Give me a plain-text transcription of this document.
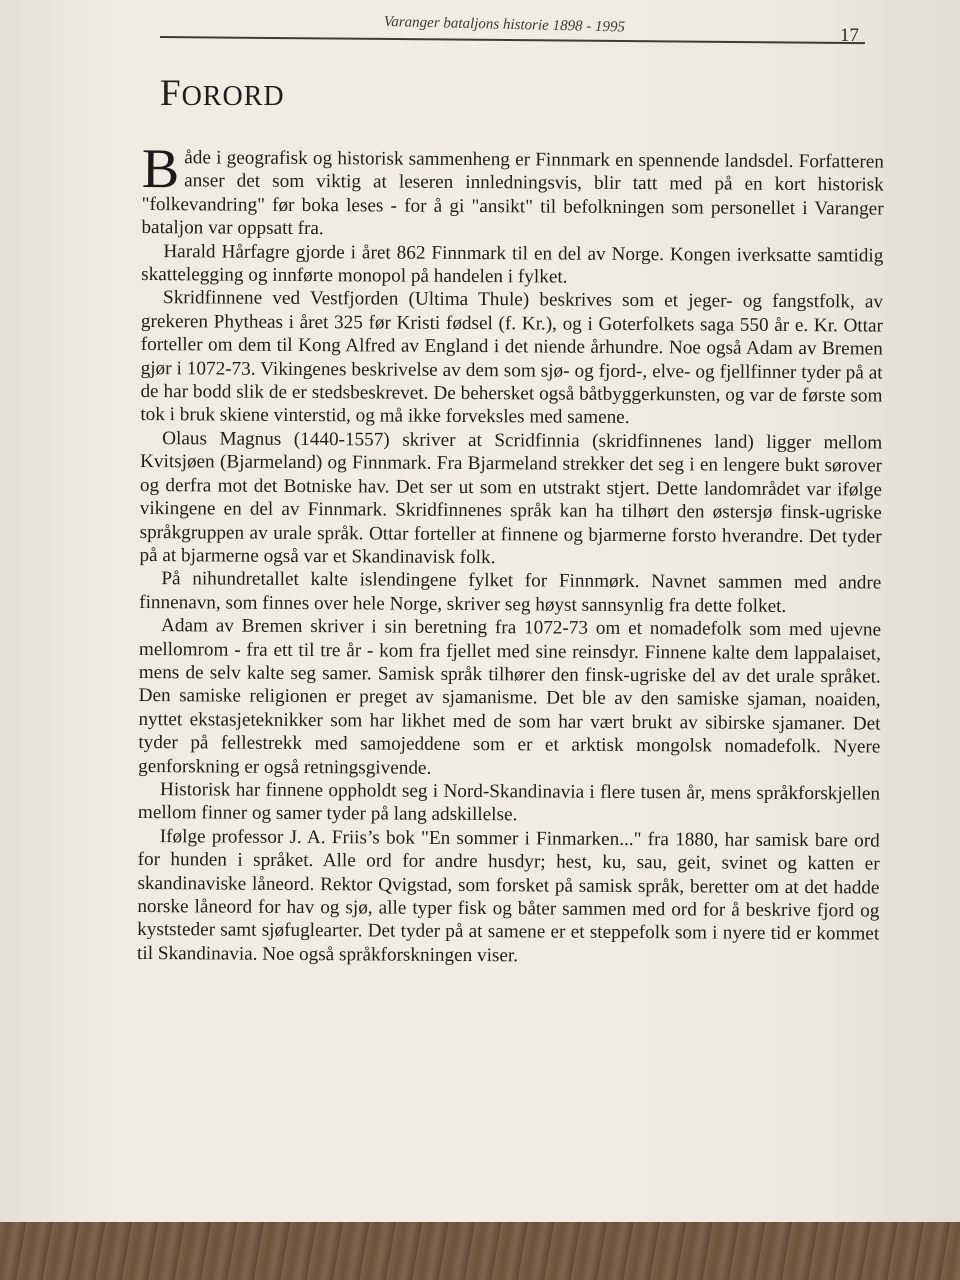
Varanger bataljons historie 1898 - 1995
17
FORORD

Både i geografisk og historisk sammenheng er Finnmark en spennende landsdel. Forfatteren anser det som viktig at leseren innledningsvis, blir tatt med på en kort historisk "folkevandring" før boka leses - for å gi "ansikt" til befolkningen som personellet i Varanger bataljon var oppsatt fra.

Harald Hårfagre gjorde i året 862 Finnmark til en del av Norge. Kongen iverksatte samtidig skattelegging og innførte monopol på handelen i fylket.

Skridfinnene ved Vestfjorden (Ultima Thule) beskrives som et jeger- og fangstfolk, av grekeren Phytheas i året 325 før Kristi fødsel (f. Kr.), og i Goterfolkets saga 550 år e. Kr. Ottar forteller om dem til Kong Alfred av England i det niende århundre. Noe også Adam av Bremen gjør i 1072-73. Vikingenes beskrivelse av dem som sjø- og fjord-, elve- og fjellfinner tyder på at de har bodd slik de er stedsbeskrevet. De behersket også båtbyggerkunsten, og var de første som tok i bruk skiene vinterstid, og må ikke forveksles med samene.

Olaus Magnus (1440-1557) skriver at Scridfinnia (skridfinnenes land) ligger mellom Kvitsjøen (Bjarmeland) og Finnmark. Fra Bjarmeland strekker det seg i en lengere bukt sørover og derfra mot det Botniske hav. Det ser ut som en utstrakt stjert. Dette landområdet var ifølge vikingene en del av Finnmark. Skridfinnenes språk kan ha tilhørt den østersjø finsk-ugriske språkgruppen av urale språk. Ottar forteller at finnene og bjarmerne forsto hverandre. Det tyder på at bjarmerne også var et Skandinavisk folk.

På nihundretallet kalte islendingene fylket for Finnmørk. Navnet sammen med andre finnenavn, som finnes over hele Norge, skriver seg høyst sannsynlig fra dette folket.

Adam av Bremen skriver i sin beretning fra 1072-73 om et nomadefolk som med ujevne mellomrom - fra ett til tre år - kom fra fjellet med sine reinsdyr. Finnene kalte dem lappalaiset, mens de selv kalte seg samer. Samisk språk tilhører den finsk-ugriske del av det urale språket. Den samiske religionen er preget av sjamanisme. Det ble av den samiske sjaman, noaiden, nyttet ekstasjeteknikker som har likhet med de som har vært brukt av sibirske sjamaner. Det tyder på fellestrekk med samojeddene som er et arktisk mongolsk nomadefolk. Nyere genforskning er også retningsgivende.

Historisk har finnene oppholdt seg i Nord-Skandinavia i flere tusen år, mens språkforskjellen mellom finner og samer tyder på lang adskillelse.

Ifølge professor J. A. Friis’s bok "En sommer i Finmarken..." fra 1880, har samisk bare ord for hunden i språket. Alle ord for andre husdyr; hest, ku, sau, geit, svinet og katten er skandinaviske låneord. Rektor Qvigstad, som forsket på samisk språk, beretter om at det hadde norske låneord for hav og sjø, alle typer fisk og båter sammen med ord for å beskrive fjord og kyststeder samt sjøfuglearter. Det tyder på at samene er et steppefolk som i nyere tid er kommet til Skandinavia. Noe også språkforskningen viser.
